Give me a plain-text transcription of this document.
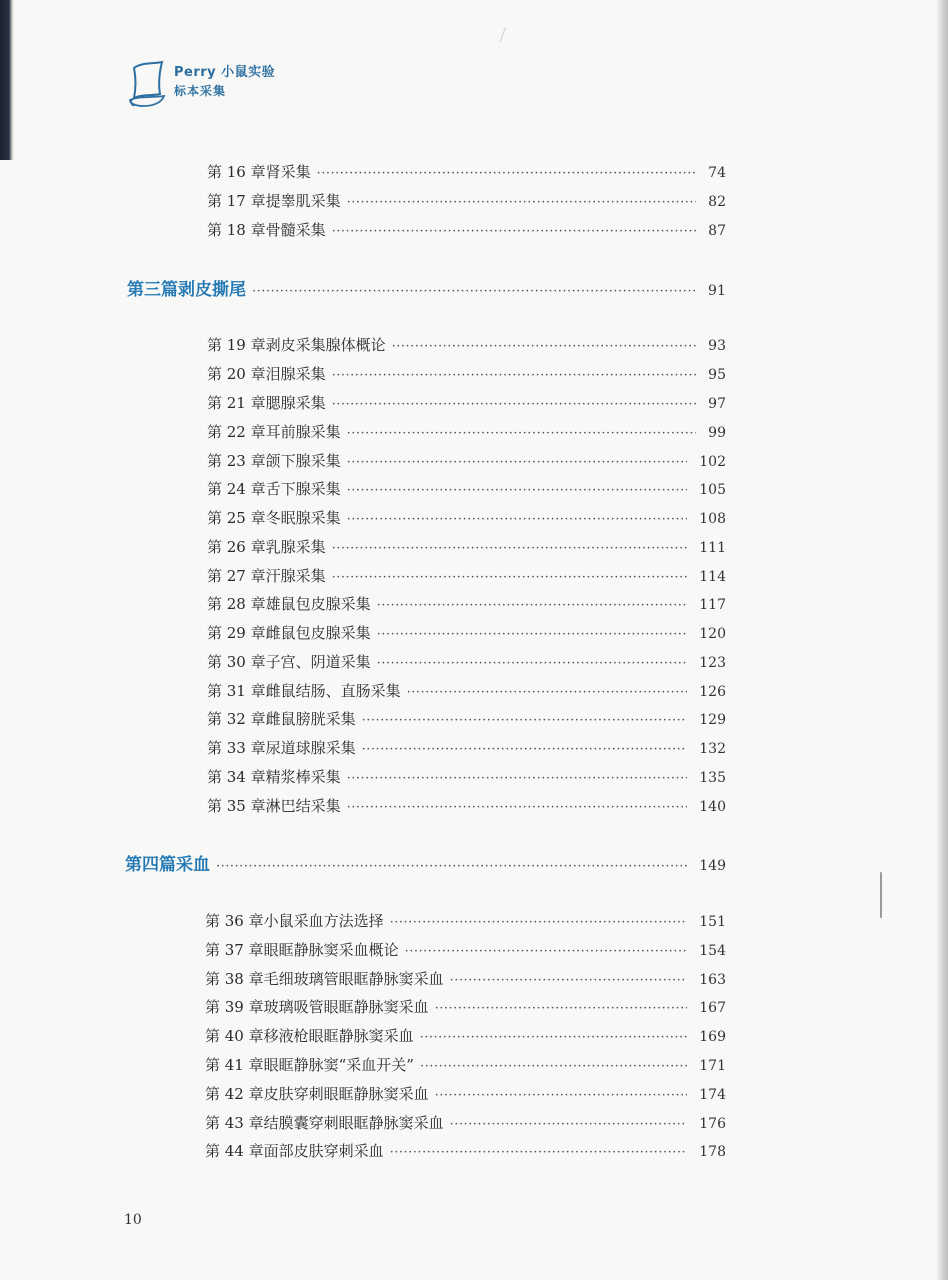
Perry 小鼠实验
标本采集
第 16 章 肾采集 ·····	74
第 17 章 提睾肌采集 ·····	82
第 18 章 骨髓采集 ·····	87
第三篇 剥皮撕尾 ·····	91
第 19 章 剥皮采集腺体概论 ·····	93
第 20 章 泪腺采集 ·····	95
第 21 章 腮腺采集 ·····	97
第 22 章 耳前腺采集 ·····	99
第 23 章 颌下腺采集 ·····	102
第 24 章 舌下腺采集 ·····	105
第 25 章 冬眠腺采集 ·····	108
第 26 章 乳腺采集 ·····	111
第 27 章 汗腺采集 ·····	114
第 28 章 雄鼠包皮腺采集 ·····	117
第 29 章 雌鼠包皮腺采集 ·····	120
第 30 章 子宫、阴道采集 ·····	123
第 31 章 雌鼠结肠、直肠采集 ·····	126
第 32 章 雌鼠膀胱采集 ·····	129
第 33 章 尿道球腺采集 ·····	132
第 34 章 精浆棒采集 ·····	135
第 35 章 淋巴结采集 ·····	140
第四篇 采血 ·····	149
第 36 章 小鼠采血方法选择 ·····	151
第 37 章 眼眶静脉窦采血概论 ·····	154
第 38 章 毛细玻璃管眼眶静脉窦采血 ·····	163
第 39 章 玻璃吸管眼眶静脉窦采血 ·····	167
第 40 章 移液枪眼眶静脉窦采血 ·····	169
第 41 章 眼眶静脉窦“采血开关” ·····	171
第 42 章 皮肤穿刺眼眶静脉窦采血 ·····	174
第 43 章 结膜囊穿刺眼眶静脉窦采血 ·····	176
第 44 章 面部皮肤穿刺采血 ·····	178
10
